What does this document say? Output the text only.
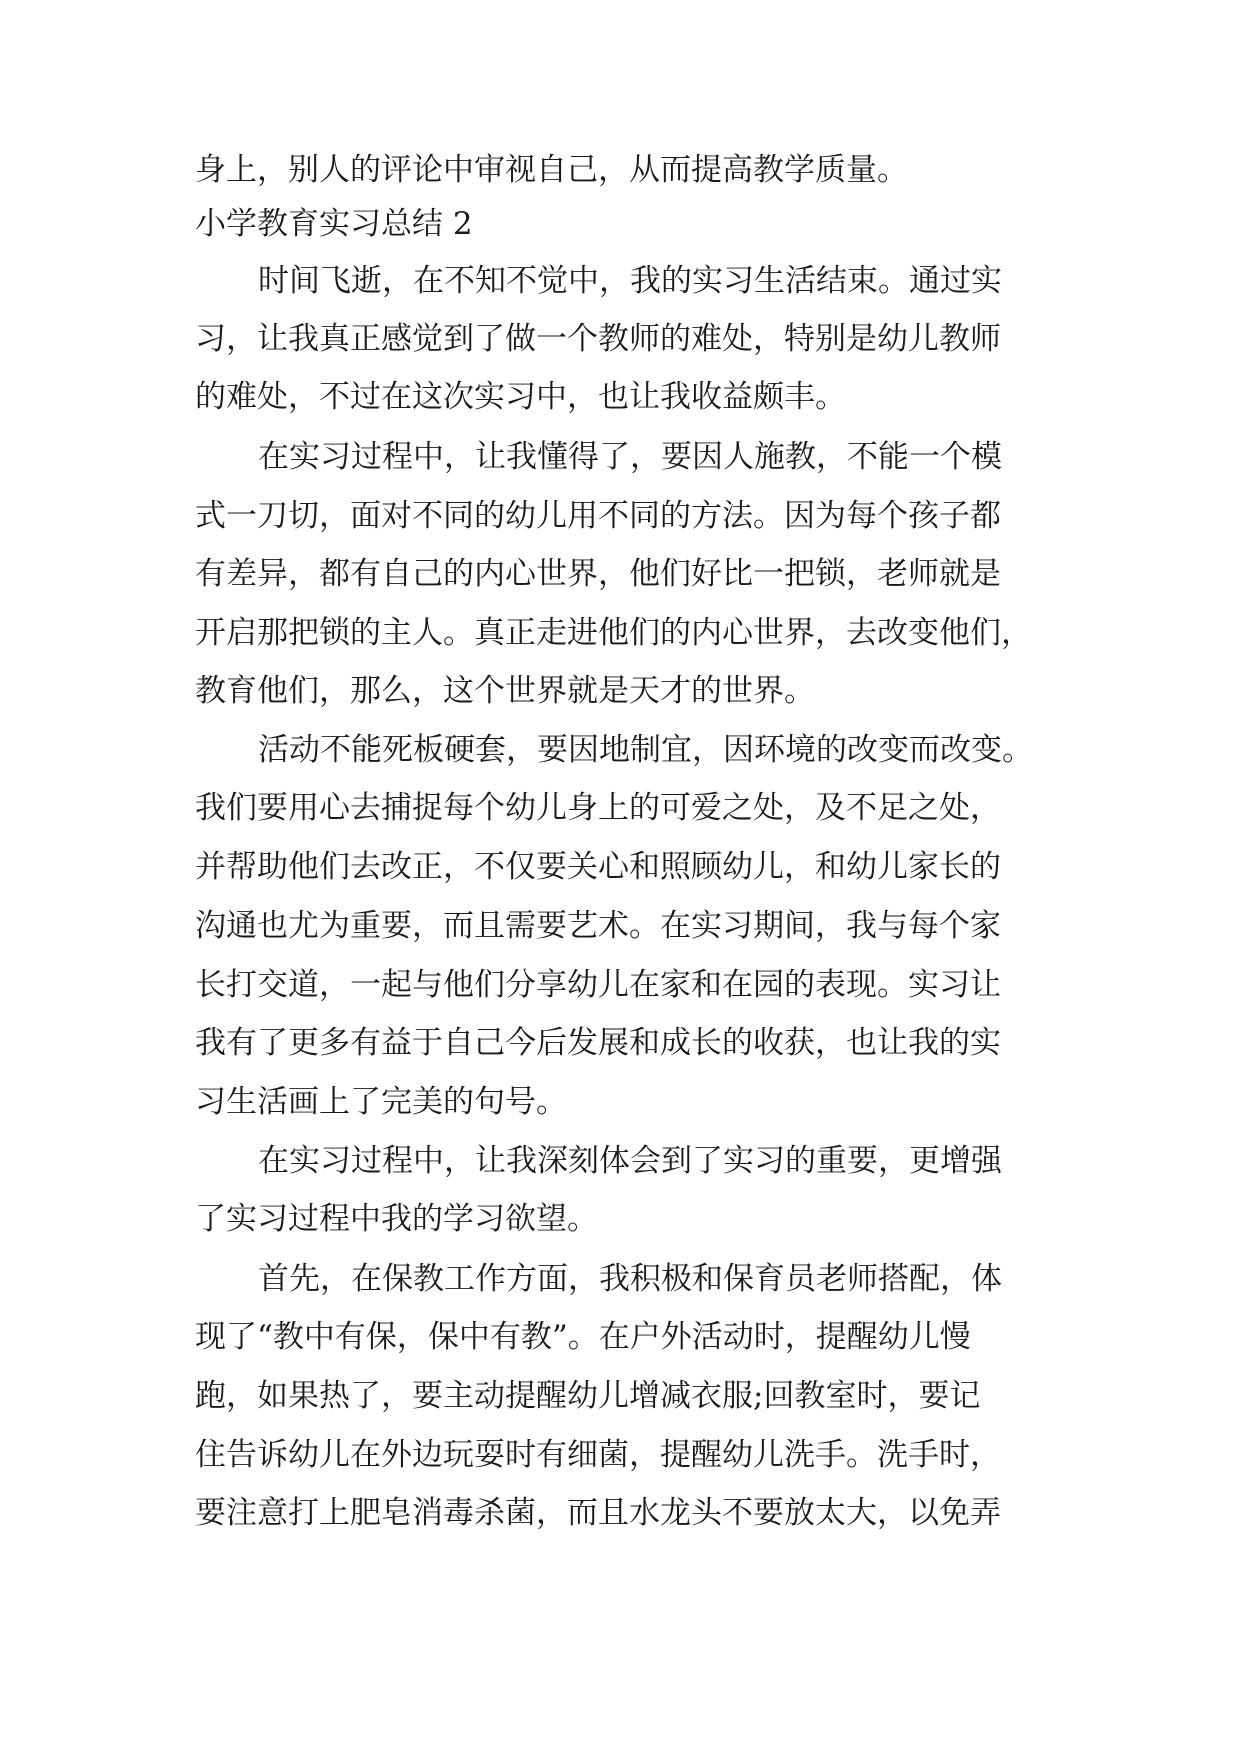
身上，别人的评论中审视自己，从而提高教学质量。
小学教育实习总结 2
时间飞逝，在不知不觉中，我的实习生活结束。通过实
习，让我真正感觉到了做一个教师的难处，特别是幼儿教师
的难处，不过在这次实习中，也让我收益颇丰。
在实习过程中，让我懂得了，要因人施教，不能一个模
式一刀切，面对不同的幼儿用不同的方法。因为每个孩子都
有差异，都有自己的内心世界，他们好比一把锁，老师就是
开启那把锁的主人。真正走进他们的内心世界，去改变他们，
教育他们，那么，这个世界就是天才的世界。
活动不能死板硬套，要因地制宜，因环境的改变而改变。
我们要用心去捕捉每个幼儿身上的可爱之处，及不足之处，
并帮助他们去改正，不仅要关心和照顾幼儿，和幼儿家长的
沟通也尤为重要，而且需要艺术。在实习期间，我与每个家
长打交道，一起与他们分享幼儿在家和在园的表现。实习让
我有了更多有益于自己今后发展和成长的收获，也让我的实
习生活画上了完美的句号。
在实习过程中，让我深刻体会到了实习的重要，更增强
了实习过程中我的学习欲望。
首先，在保教工作方面，我积极和保育员老师搭配，体
现了“教中有保，保中有教”。在户外活动时，提醒幼儿慢
跑，如果热了，要主动提醒幼儿增减衣服;回教室时，要记
住告诉幼儿在外边玩耍时有细菌，提醒幼儿洗手。洗手时，
要注意打上肥皂消毒杀菌，而且水龙头不要放太大，以免弄
